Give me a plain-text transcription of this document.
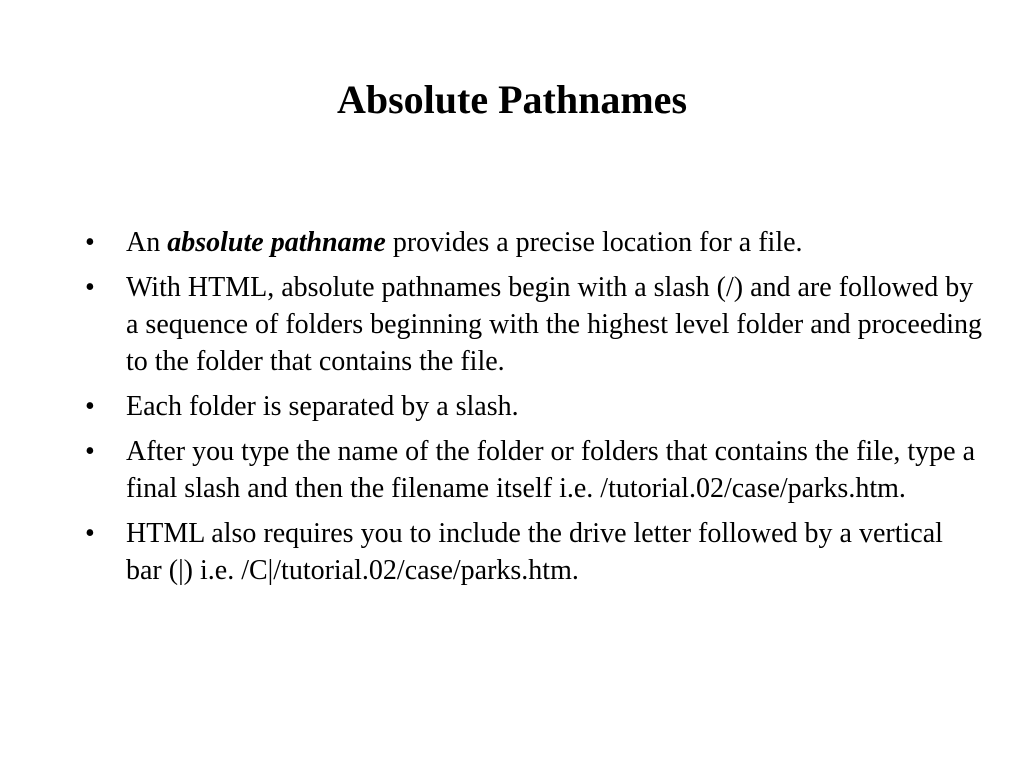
Absolute Pathnames
•	An absolute pathname provides a precise location for a file.
•	With HTML, absolute pathnames begin with a slash (/) and are followed by a sequence of folders beginning with the highest level folder and proceeding to the folder that contains the file.
•	Each folder is separated by a slash.
•	After you type the name of the folder or folders that contains the file, type a final slash and then the filename itself i.e. /tutorial.02/case/parks.htm.
•	HTML also requires you to include the drive letter followed by a vertical bar (|) i.e. /C|/tutorial.02/case/parks.htm.
